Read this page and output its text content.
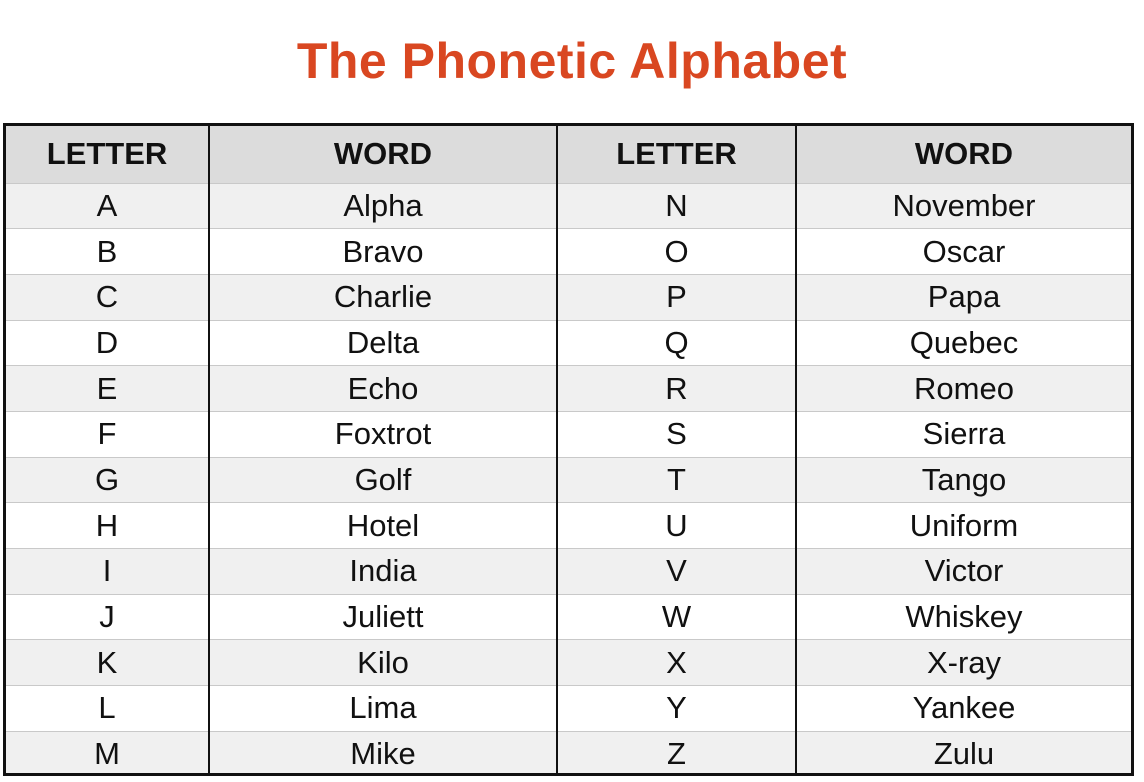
The Phonetic Alphabet
LETTER	WORD	LETTER	WORD
A	Alpha	N	November
B	Bravo	O	Oscar
C	Charlie	P	Papa
D	Delta	Q	Quebec
E	Echo	R	Romeo
F	Foxtrot	S	Sierra
G	Golf	T	Tango
H	Hotel	U	Uniform
I	India	V	Victor
J	Juliett	W	Whiskey
K	Kilo	X	X-ray
L	Lima	Y	Yankee
M	Mike	Z	Zulu
